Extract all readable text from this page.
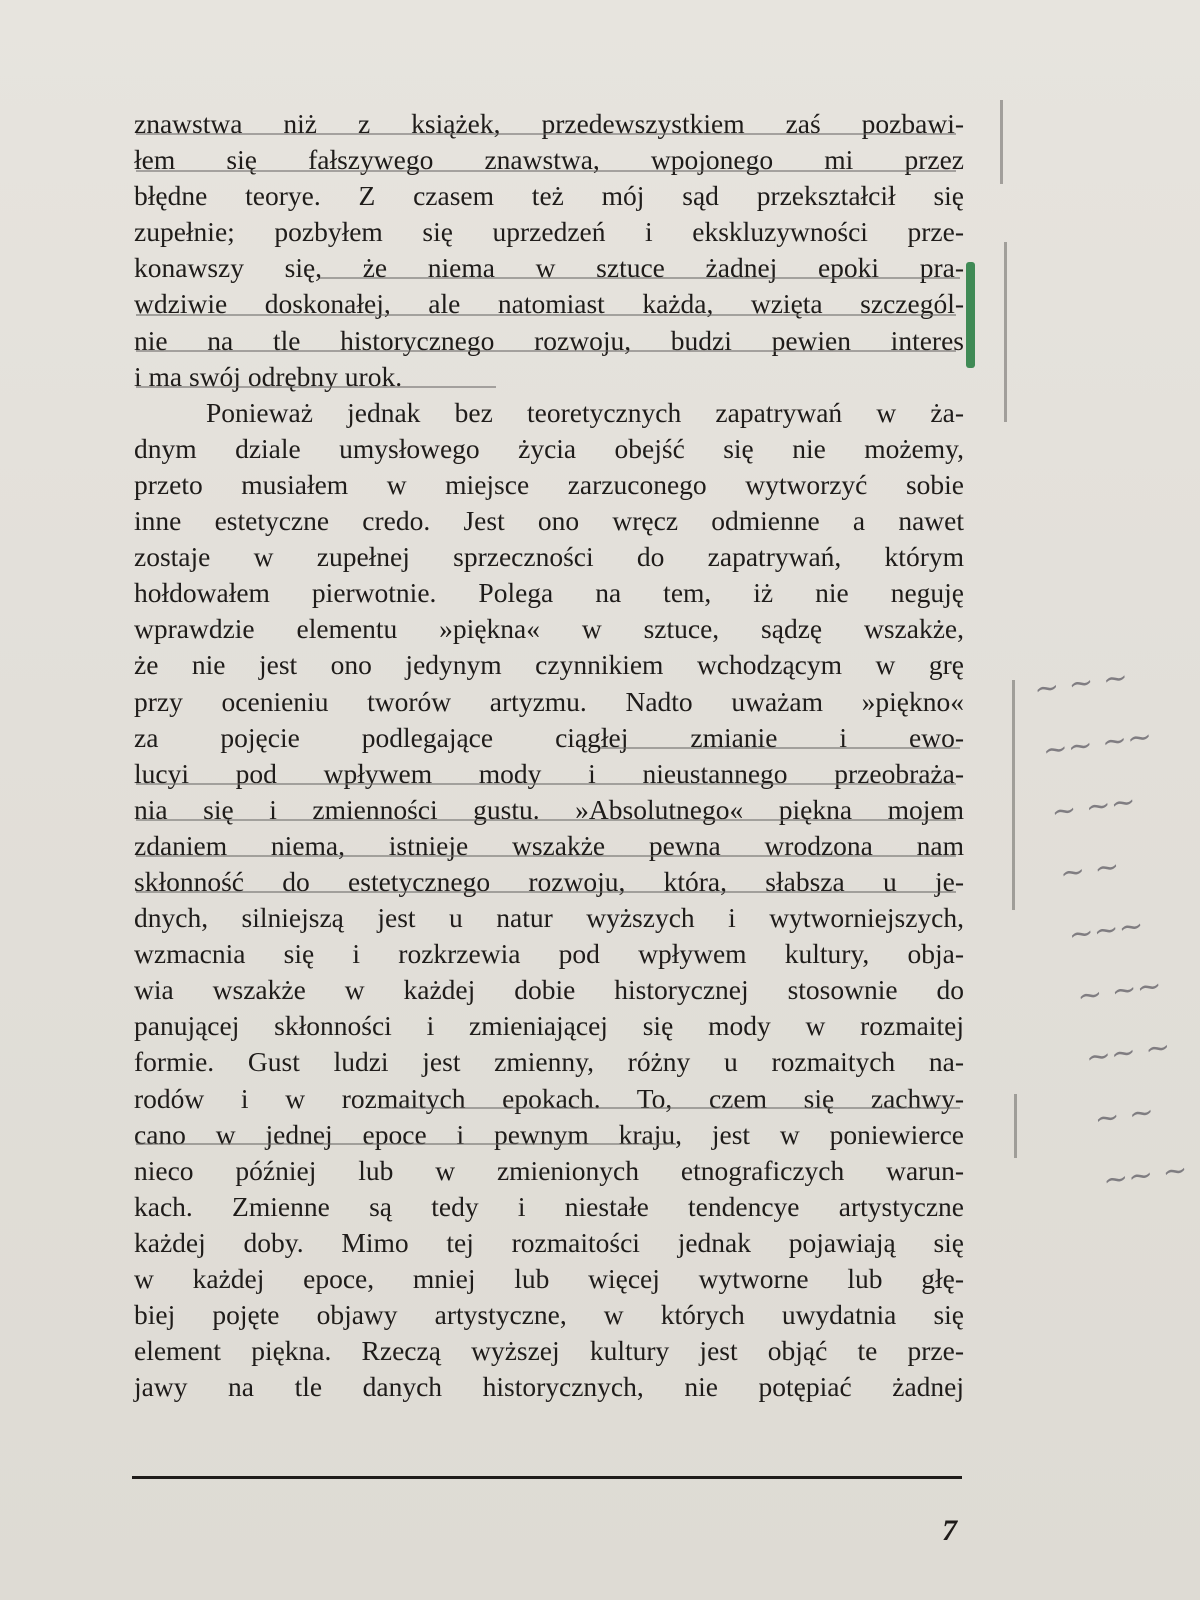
znawstwa niż z książek, przedewszystkiem zaś pozbawi-
łem się fałszywego znawstwa, wpojonego mi przez
błędne teorye. Z czasem też mój sąd przekształcił się
zupełnie; pozbyłem się uprzedzeń i ekskluzywności prze-
konawszy się, że niema w sztuce żadnej epoki pra-
wdziwie doskonałej, ale natomiast każda, wzięta szczegól-
nie na tle historycznego rozwoju, budzi pewien interes
i ma swój odrębny urok.
Ponieważ jednak bez teoretycznych zapatrywań w ża-
dnym dziale umysłowego życia obejść się nie możemy,
przeto musiałem w miejsce zarzuconego wytworzyć sobie
inne estetyczne credo. Jest ono wręcz odmienne a nawet
zostaje w zupełnej sprzeczności do zapatrywań, którym
hołdowałem pierwotnie. Polega na tem, iż nie neguję
wprawdzie elementu »piękna« w sztuce, sądzę wszakże,
że nie jest ono jedynym czynnikiem wchodzącym w grę
przy ocenieniu tworów artyzmu. Nadto uważam »piękno«
za pojęcie podlegające ciągłej zmianie i ewo-
lucyi pod wpływem mody i nieustannego przeobraża-
nia się i zmienności gustu. »Absolutnego« piękna mojem
zdaniem niema, istnieje wszakże pewna wrodzona nam
skłonność do estetycznego rozwoju, która, słabsza u je-
dnych, silniejszą jest u natur wyższych i wytworniejszych,
wzmacnia się i rozkrzewia pod wpływem kultury, obja-
wia wszakże w każdej dobie historycznej stosownie do
panującej skłonności i zmieniającej się mody w rozmaitej
formie. Gust ludzi jest zmienny, różny u rozmaitych na-
rodów i w rozmaitych epokach. To, czem się zachwy-
cano w jednej epoce i pewnym kraju, jest w poniewierce
nieco później lub w zmienionych etnograficzych warun-
kach. Zmienne są tedy i niestałe tendencye artystyczne
każdej doby. Mimo tej rozmaitości jednak pojawiają się
w każdej epoce, mniej lub więcej wytworne lub głę-
biej pojęte objawy artystyczne, w których uwydatnia się
element piękna. Rzeczą wyższej kultury jest objąć te prze-
jawy na tle danych historycznych, nie potępiać żadnej
~ ~ ~
~~ ~~
~ ~~
~ ~
~~~
~ ~~
~~ ~
~ ~
~~ ~
7
